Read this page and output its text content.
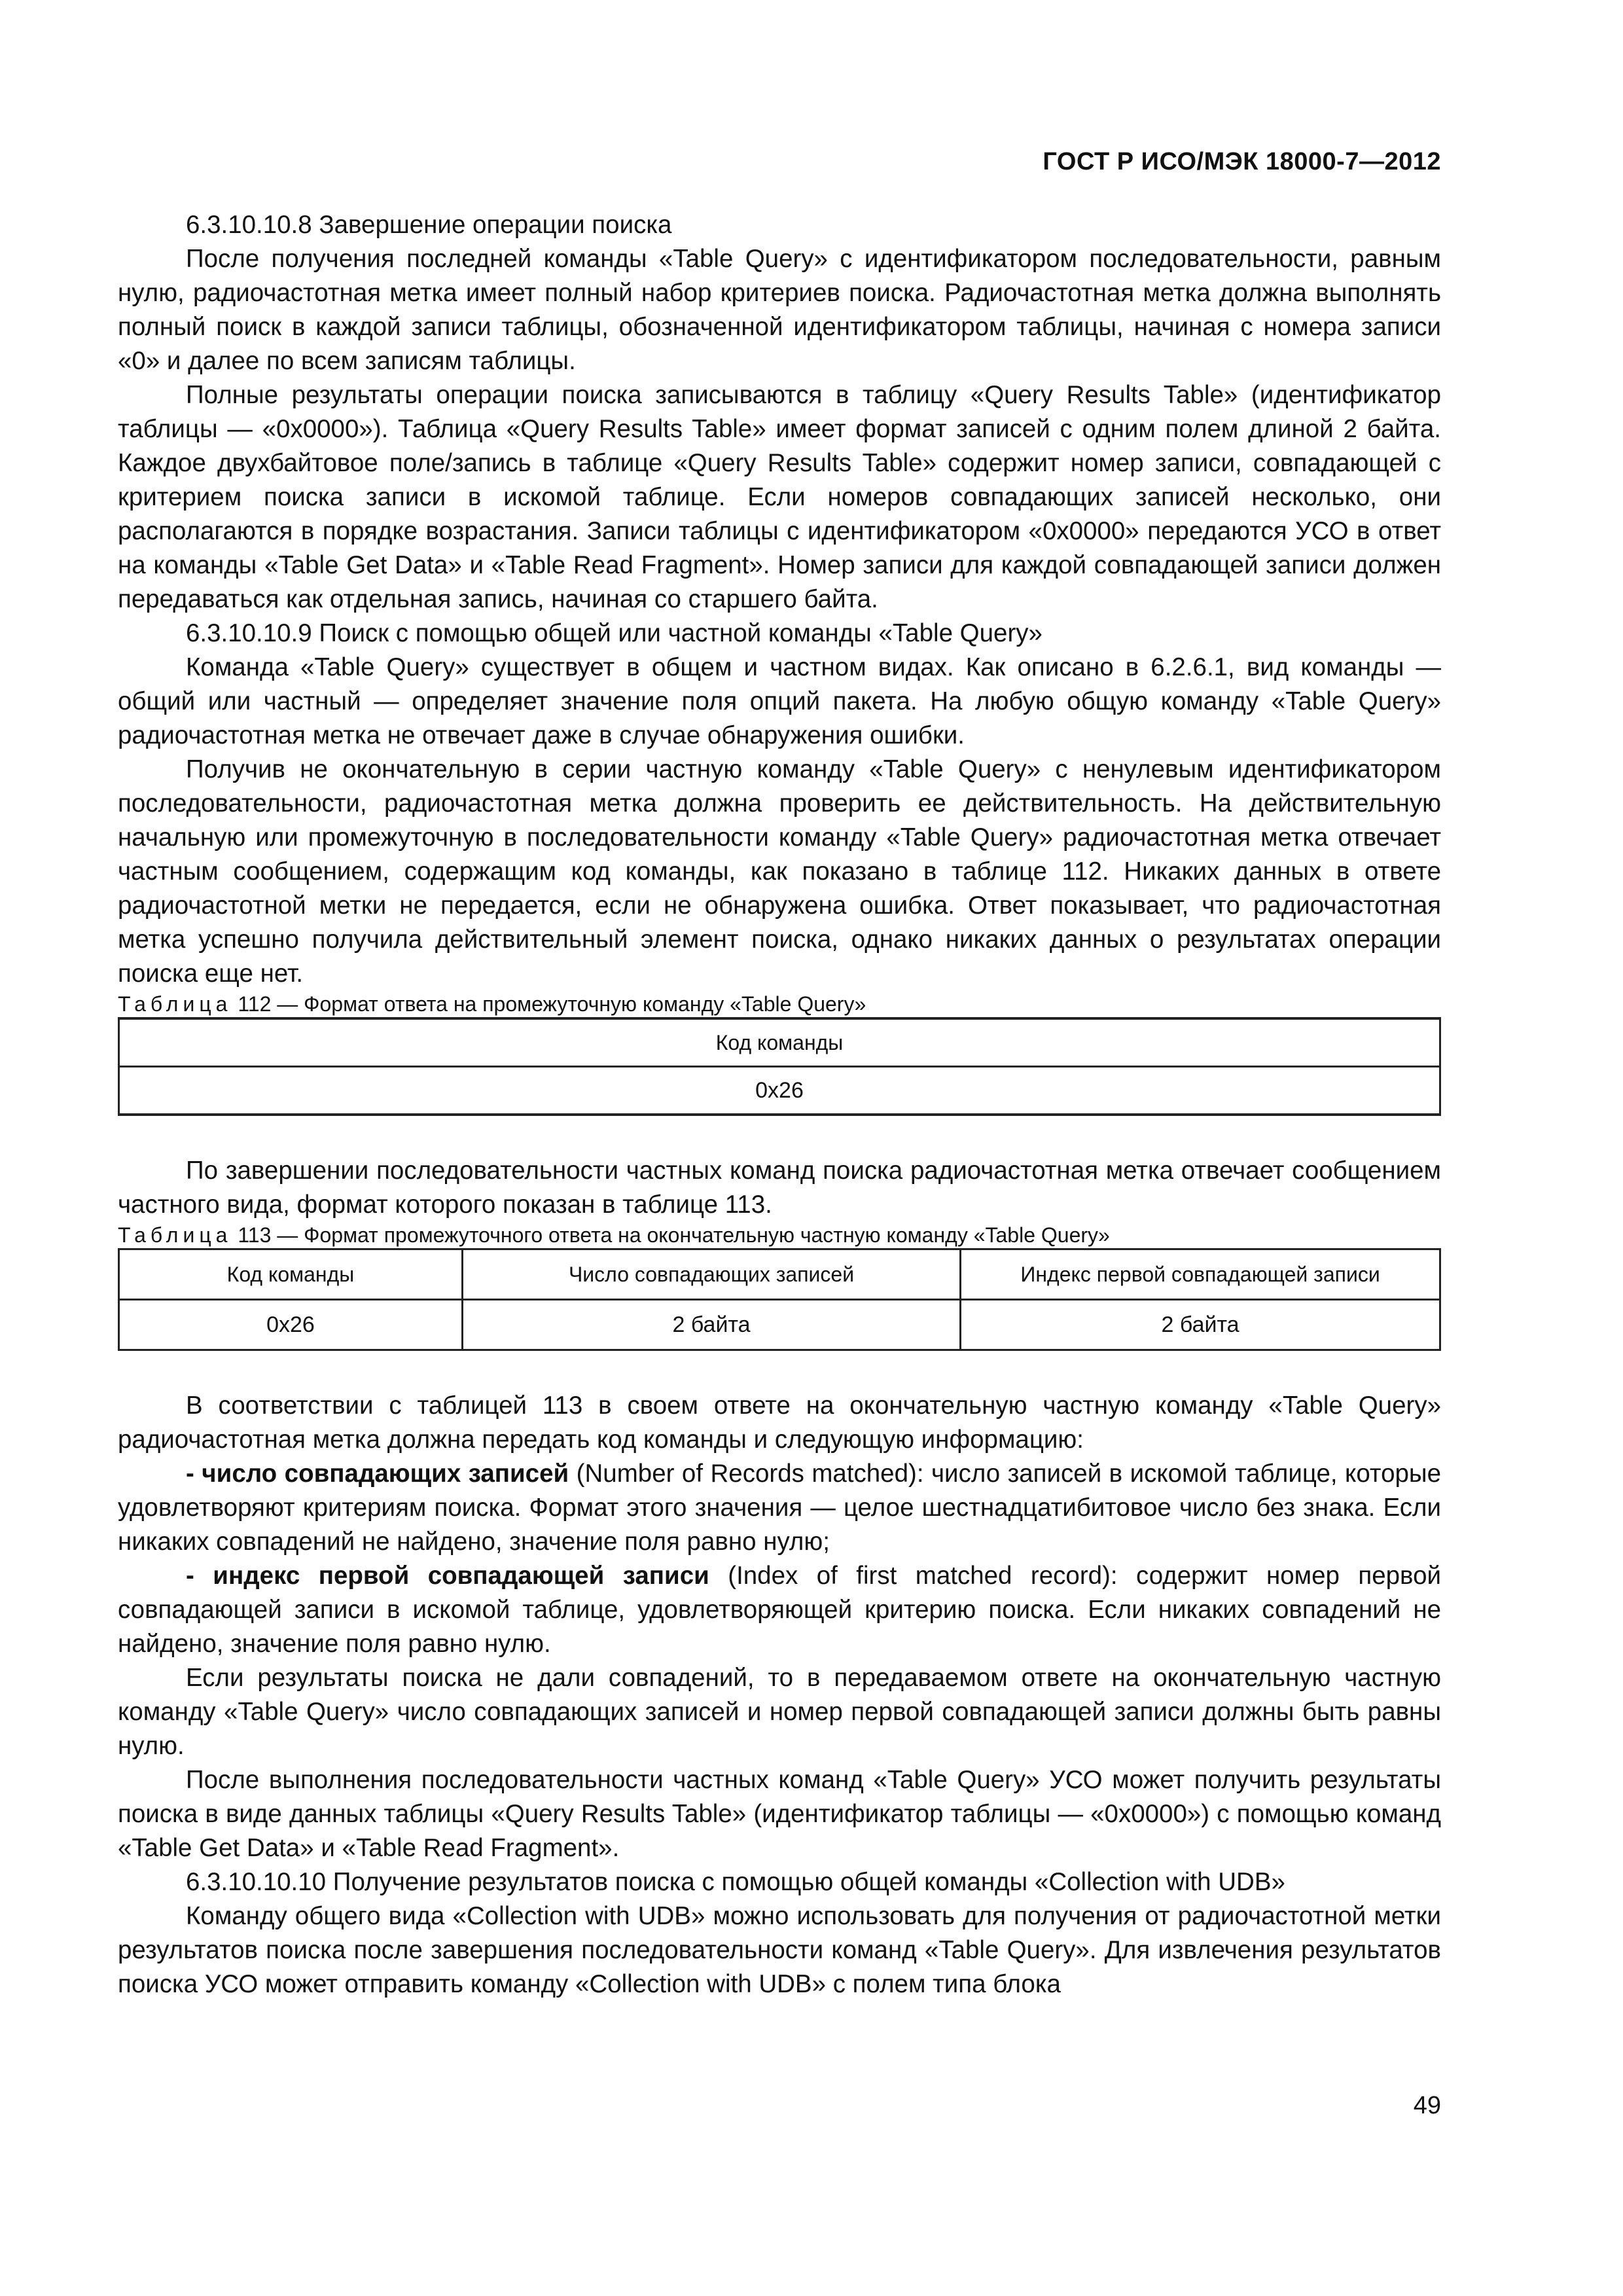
ГОСТ Р ИСО/МЭК 18000-7—2012

6.3.10.10.8 Завершение операции поиска

После получения последней команды «Table Query» с идентификатором последовательности, равным нулю, радиочастотная метка имеет полный набор критериев поиска. Радиочастотная метка должна выполнять полный поиск в каждой записи таблицы, обозначенной идентификатором таблицы, начиная с номера записи «0» и далее по всем записям таблицы.

Полные результаты операции поиска записываются в таблицу «Query Results Table» (идентификатор таблицы — «0x0000»). Таблица «Query Results Table» имеет формат записей с одним полем длиной 2 байта. Каждое двухбайтовое поле/запись в таблице «Query Results Table» содержит номер записи, совпадающей с критерием поиска записи в искомой таблице. Если номеров совпадающих записей несколько, они располагаются в порядке возрастания. Записи таблицы с идентификатором «0x0000» передаются УСО в ответ на команды «Table Get Data» и «Table Read Fragment». Номер записи для каждой совпадающей записи должен передаваться как отдельная запись, начиная со старшего байта.

6.3.10.10.9 Поиск с помощью общей или частной команды «Table Query»

Команда «Table Query» существует в общем и частном видах. Как описано в 6.2.6.1, вид команды — общий или частный — определяет значение поля опций пакета. На любую общую команду «Table Query» радиочастотная метка не отвечает даже в случае обнаружения ошибки.

Получив не окончательную в серии частную команду «Table Query» с ненулевым идентификатором последовательности, радиочастотная метка должна проверить ее действительность. На действительную начальную или промежуточную в последовательности команду «Table Query» радиочастотная метка отвечает частным сообщением, содержащим код команды, как показано в таблице 112. Никаких данных в ответе радиочастотной метки не передается, если не обнаружена ошибка. Ответ показывает, что радиочастотная метка успешно получила действительный элемент поиска, однако никаких данных о результатах операции поиска еще нет.

Таблица 112 — Формат ответа на промежуточную команду «Table Query»

Код команды
0x26

По завершении последовательности частных команд поиска радиочастотная метка отвечает сообщением частного вида, формат которого показан в таблице 113.

Таблица 113 — Формат промежуточного ответа на окончательную частную команду «Table Query»

Код команды	Число совпадающих записей	Индекс первой совпадающей записи
0x26	2 байта	2 байта

В соответствии с таблицей 113 в своем ответе на окончательную частную команду «Table Query» радиочастотная метка должна передать код команды и следующую информацию:

- число совпадающих записей (Number of Records matched): число записей в искомой таблице, которые удовлетворяют критериям поиска. Формат этого значения — целое шестнадцатибитовое число без знака. Если никаких совпадений не найдено, значение поля равно нулю;

- индекс первой совпадающей записи (Index of first matched record): содержит номер первой совпадающей записи в искомой таблице, удовлетворяющей критерию поиска. Если никаких совпадений не найдено, значение поля равно нулю.

Если результаты поиска не дали совпадений, то в передаваемом ответе на окончательную частную команду «Table Query» число совпадающих записей и номер первой совпадающей записи должны быть равны нулю.

После выполнения последовательности частных команд «Table Query» УСО может получить результаты поиска в виде данных таблицы «Query Results Table» (идентификатор таблицы — «0x0000») с помощью команд «Table Get Data» и «Table Read Fragment».

6.3.10.10.10 Получение результатов поиска с помощью общей команды «Collection with UDB»

Команду общего вида «Collection with UDB» можно использовать для получения от радиочастотной метки результатов поиска после завершения последовательности команд «Table Query». Для извлечения результатов поиска УСО может отправить команду «Collection with UDB» с полем типа блока

49
